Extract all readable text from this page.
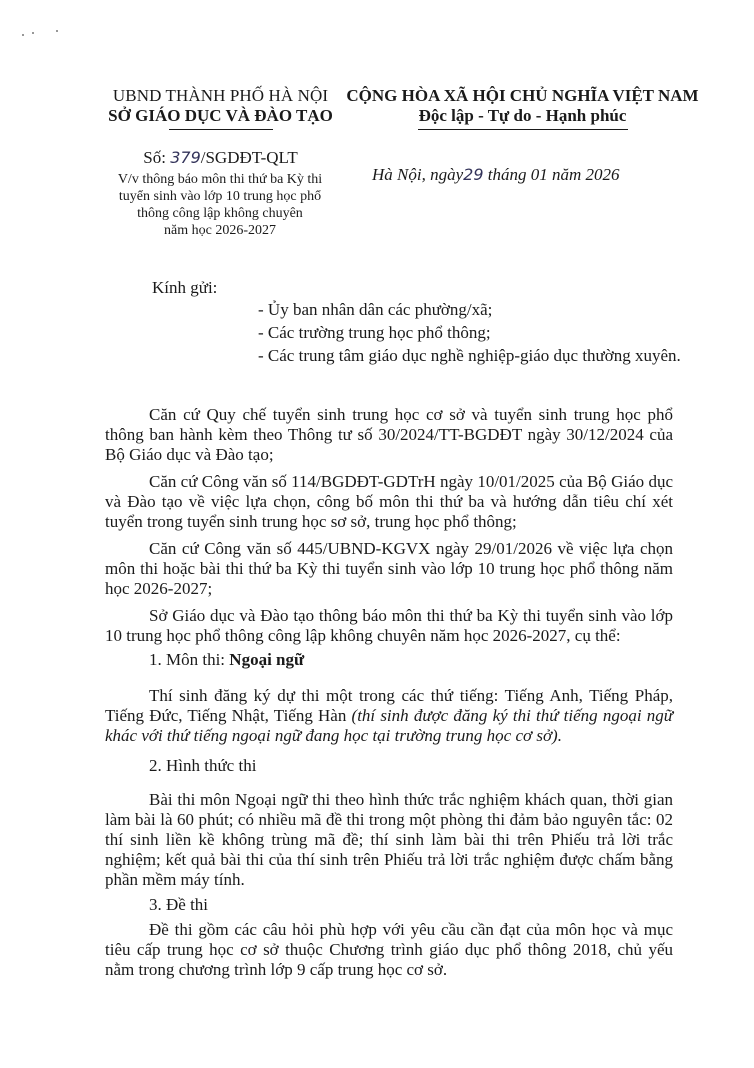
UBND THÀNH PHỐ HÀ NỘI
SỞ GIÁO DỤC VÀ ĐÀO TẠO
CỘNG HÒA XÃ HỘI CHỦ NGHĨA VIỆT NAM
Độc lập - Tự do - Hạnh phúc
Số: 379/SGDĐT-QLT
V/v thông báo môn thi thứ ba Kỳ thi
tuyển sinh vào lớp 10 trung học phổ
thông công lập không chuyên
năm học 2026-2027
Hà Nội, ngày29 tháng 01 năm 2026
Kính gửi:
- Ủy ban nhân dân các phường/xã;
- Các trường trung học phổ thông;
- Các trung tâm giáo dục nghề nghiệp-giáo dục thường xuyên.
Căn cứ Quy chế tuyển sinh trung học cơ sở và tuyển sinh trung học phổ thông ban hành kèm theo Thông tư số 30/2024/TT-BGDĐT ngày 30/12/2024 của Bộ Giáo dục và Đào tạo;
Căn cứ Công văn số 114/BGDĐT-GDTrH ngày 10/01/2025 của Bộ Giáo dục và Đào tạo về việc lựa chọn, công bố môn thi thứ ba và hướng dẫn tiêu chí xét tuyển trong tuyển sinh trung học sơ sở, trung học phổ thông;
Căn cứ Công văn số 445/UBND-KGVX ngày 29/01/2026 về việc lựa chọn môn thi hoặc bài thi thứ ba Kỳ thi tuyển sinh vào lớp 10 trung học phổ thông năm học 2026-2027;
Sở Giáo dục và Đào tạo thông báo môn thi thứ ba Kỳ thi tuyển sinh vào lớp 10 trung học phổ thông công lập không chuyên năm học 2026-2027, cụ thể:
1. Môn thi: Ngoại ngữ
Thí sinh đăng ký dự thi một trong các thứ tiếng: Tiếng Anh, Tiếng Pháp, Tiếng Đức, Tiếng Nhật, Tiếng Hàn (thí sinh được đăng ký thi thứ tiếng ngoại ngữ khác với thứ tiếng ngoại ngữ đang học tại trường trung học cơ sở).
2. Hình thức thi
Bài thi môn Ngoại ngữ thi theo hình thức trắc nghiệm khách quan, thời gian làm bài là 60 phút; có nhiều mã đề thi trong một phòng thi đảm bảo nguyên tắc: 02 thí sinh liền kề không trùng mã đề; thí sinh làm bài thi trên Phiếu trả lời trắc nghiệm; kết quả bài thi của thí sinh trên Phiếu trả lời trắc nghiệm được chấm bằng phần mềm máy tính.
3. Đề thi
Đề thi gồm các câu hỏi phù hợp với yêu cầu cần đạt của môn học và mục tiêu cấp trung học cơ sở thuộc Chương trình giáo dục phổ thông 2018, chủ yếu nằm trong chương trình lớp 9 cấp trung học cơ sở.
